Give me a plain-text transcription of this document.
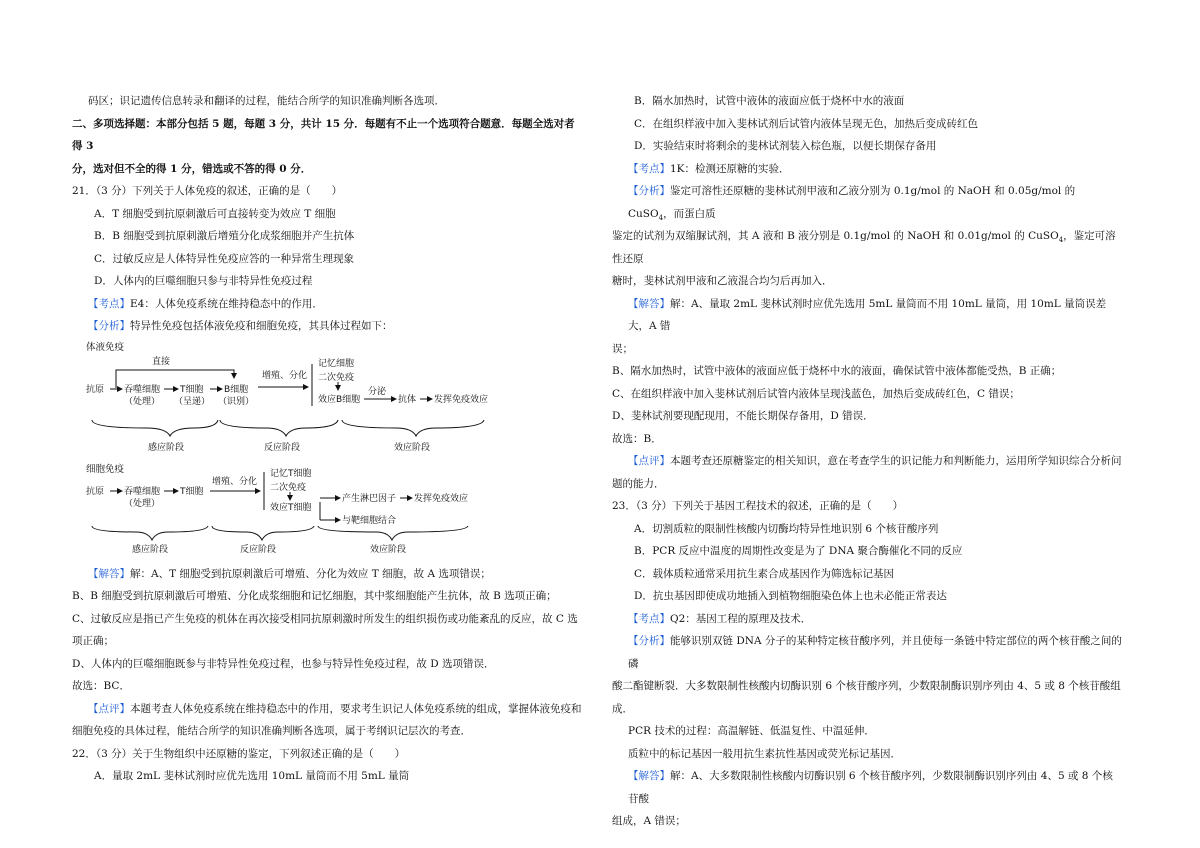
码区；识记遗传信息转录和翻译的过程，能结合所学的知识准确判断各选项．

二、多项选择题：本部分包括 5 题，每题 3 分，共计 15 分．每题有不止一个选项符合题意．每题全选对者得 3

分，选对但不全的得 1 分，错选或不答的得 0 分．

21．（3 分）下列关于人体免疫的叙述，正确的是（　　）

A．T 细胞受到抗原刺激后可直接转变为效应 T 细胞

B．B 细胞受到抗原刺激后增殖分化成浆细胞并产生抗体

C．过敏反应是人体特异性免疫应答的一种异常生理现象

D．人体内的巨噬细胞只参与非特异性免疫过程

【考点】E4：人体免疫系统在维持稳态中的作用．

【分析】特异性免疫包括体液免疫和细胞免疫，其具体过程如下：

体液免疫
直接
抗原 吞噬细胞
（处理）
T细胞
（呈递）
B细胞
（识别）
增殖、分化
记忆细胞
二次免疫
效应B细胞
分泌
抗体 发挥免疫效应
感应阶段	反应阶段	效应阶段
细胞免疫
抗原 吞噬细胞
（处理）
T细胞
增殖、分化
记忆T细胞
二次免疫
效应T细胞
产生淋巴因子
与靶细胞结合
发挥免疫效应
感应阶段	反应阶段	效应阶段

【解答】解：A、T 细胞受到抗原刺激后可增殖、分化为效应 T 细胞，故 A 选项错误；

B、B 细胞受到抗原刺激后可增殖、分化成浆细胞和记忆细胞，其中浆细胞能产生抗体，故 B 选项正确；

C、过敏反应是指已产生免疫的机体在再次接受相同抗原刺激时所发生的组织损伤或功能紊乱的反应，故 C 选

项正确；

D、人体内的巨噬细胞既参与非特异性免疫过程，也参与特异性免疫过程，故 D 选项错误．

故选：BC．

【点评】本题考查人体免疫系统在维持稳态中的作用，要求考生识记人体免疫系统的组成，掌握体液免疫和

细胞免疫的具体过程，能结合所学的知识准确判断各选项，属于考纲识记层次的考查．

22．（3 分）关于生物组织中还原糖的鉴定，下列叙述正确的是（　　）

A．量取 2mL 斐林试剂时应优先选用 10mL 量筒而不用 5mL 量筒

B．隔水加热时，试管中液体的液面应低于烧杯中水的液面

C．在组织样液中加入斐林试剂后试管内液体呈现无色，加热后变成砖红色

D．实验结束时将剩余的斐林试剂装入棕色瓶，以便长期保存备用

【考点】1K：检测还原糖的实验．

【分析】鉴定可溶性还原糖的斐林试剂甲液和乙液分别为 0.1g/mol 的 NaOH 和 0.05g/mol 的 CuSO$_4$，而蛋白质

鉴定的试剂为双缩脲试剂，其 A 液和 B 液分别是 0.1g/mol 的 NaOH 和 0.01g/mol 的 CuSO$_4$，鉴定可溶性还原

糖时，斐林试剂甲液和乙液混合均匀后再加入．

【解答】解：A、量取 2mL 斐林试剂时应优先选用 5mL 量筒而不用 10mL 量筒，用 10mL 量筒误差大，A 错

误；

B、隔水加热时，试管中液体的液面应低于烧杯中水的液面，确保试管中液体都能受热，B 正确；

C、在组织样液中加入斐林试剂后试管内液体呈现浅蓝色，加热后变成砖红色，C 错误；

D、斐林试剂要现配现用，不能长期保存备用，D 错误．

故选：B．

【点评】本题考查还原糖鉴定的相关知识，意在考查学生的识记能力和判断能力，运用所学知识综合分析问

题的能力．

23．（3 分）下列关于基因工程技术的叙述，正确的是（　　）

A．切割质粒的限制性核酸内切酶均特异性地识别 6 个核苷酸序列

B．PCR 反应中温度的周期性改变是为了 DNA 聚合酶催化不同的反应

C．载体质粒通常采用抗生素合成基因作为筛选标记基因

D．抗虫基因即使成功地插入到植物细胞染色体上也未必能正常表达

【考点】Q2：基因工程的原理及技术．

【分析】能够识别双链 DNA 分子的某种特定核苷酸序列，并且使每一条链中特定部位的两个核苷酸之间的磷

酸二酯键断裂．大多数限制性核酸内切酶识别 6 个核苷酸序列，少数限制酶识别序列由 4、5 或 8 个核苷酸组

成．

PCR 技术的过程：高温解链、低温复性、中温延伸．

质粒中的标记基因一般用抗生素抗性基因或荧光标记基因．

【解答】解：A、大多数限制性核酸内切酶识别 6 个核苷酸序列，少数限制酶识别序列由 4、5 或 8 个核苷酸

组成，A 错误；
